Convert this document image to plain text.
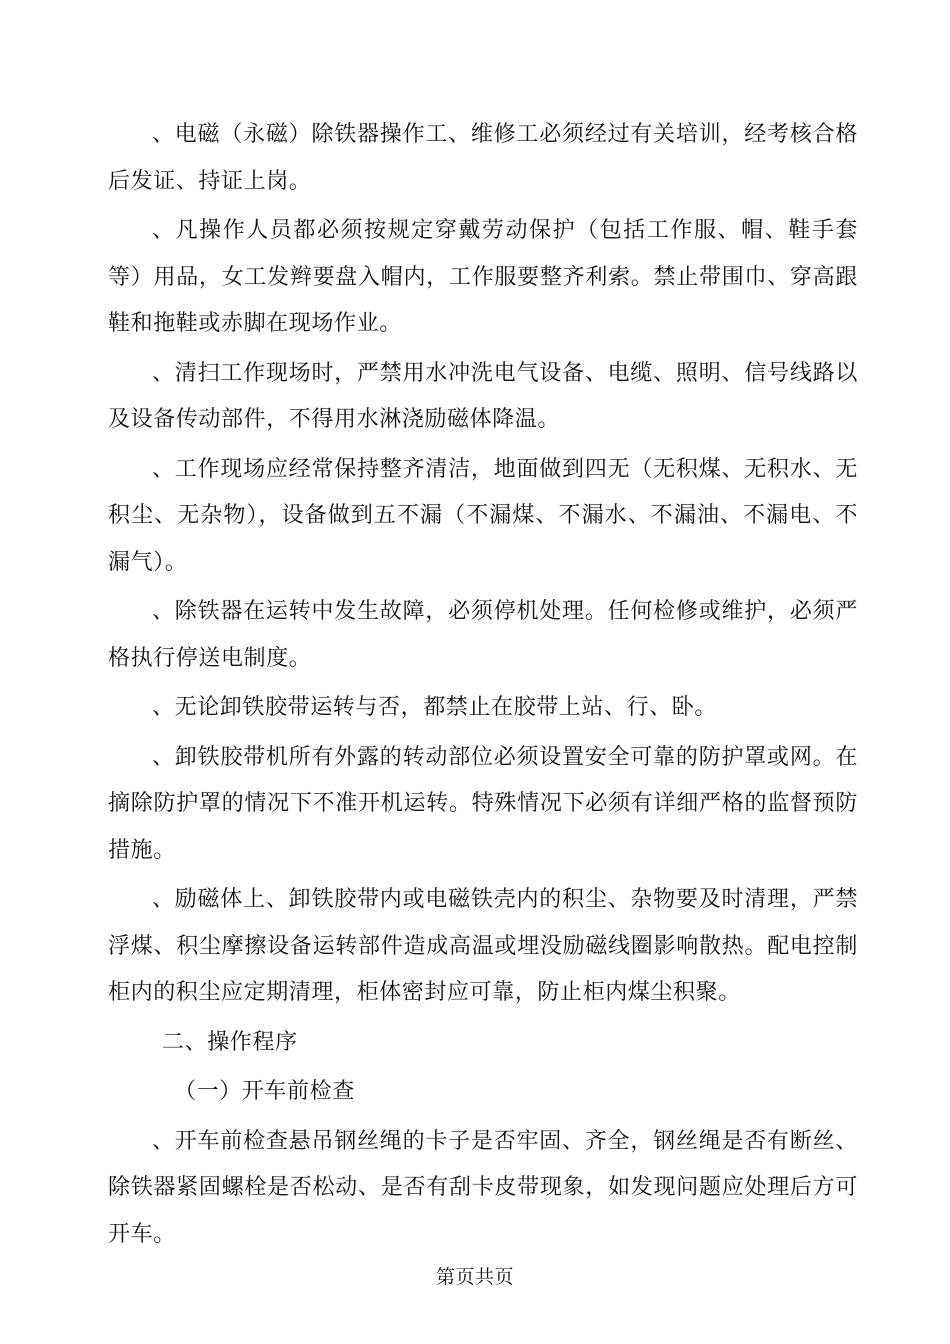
、电磁（永磁）除铁器操作工、维修工必须经过有关培训，经考核合格后发证、持证上岗。

、凡操作人员都必须按规定穿戴劳动保护（包括工作服、帽、鞋手套等）用品，女工发辫要盘入帽内，工作服要整齐利索。禁止带围巾、穿高跟鞋和拖鞋或赤脚在现场作业。

、清扫工作现场时，严禁用水冲洗电气设备、电缆、照明、信号线路以及设备传动部件，不得用水淋浇励磁体降温。

、工作现场应经常保持整齐清洁，地面做到四无（无积煤、无积水、无积尘、无杂物），设备做到五不漏（不漏煤、不漏水、不漏油、不漏电、不漏气）。

、除铁器在运转中发生故障，必须停机处理。任何检修或维护，必须严格执行停送电制度。

、无论卸铁胶带运转与否，都禁止在胶带上站、行、卧。

、卸铁胶带机所有外露的转动部位必须设置安全可靠的防护罩或网。在摘除防护罩的情况下不准开机运转。特殊情况下必须有详细严格的监督预防措施。

、励磁体上、卸铁胶带内或电磁铁壳内的积尘、杂物要及时清理，严禁浮煤、积尘摩擦设备运转部件造成高温或埋没励磁线圈影响散热。配电控制柜内的积尘应定期清理，柜体密封应可靠，防止柜内煤尘积聚。

二、操作程序
（一）开车前检查

、开车前检查悬吊钢丝绳的卡子是否牢固、齐全，钢丝绳是否有断丝、除铁器紧固螺栓是否松动、是否有刮卡皮带现象，如发现问题应处理后方可开车。

第页共页
